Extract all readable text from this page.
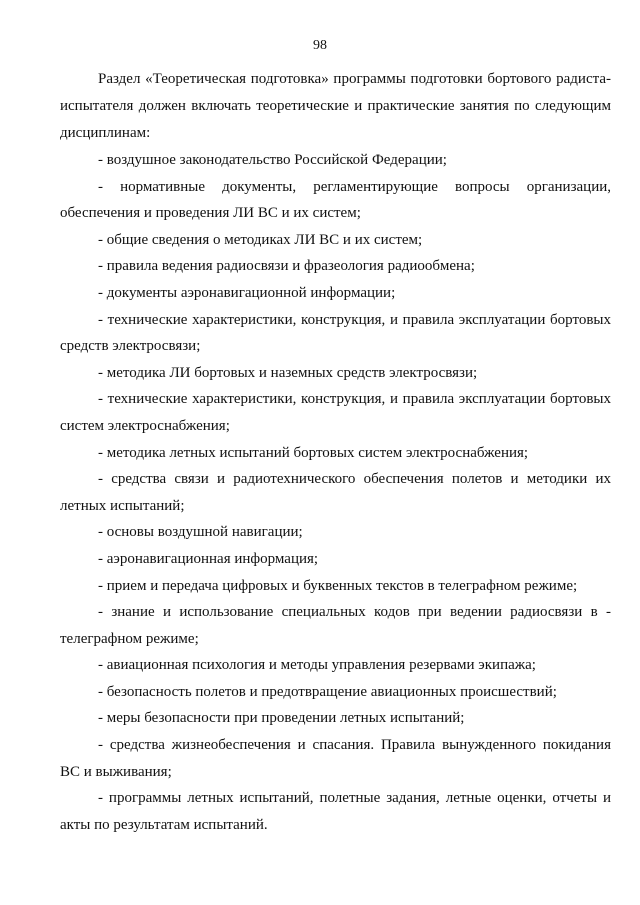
98

Раздел «Теоретическая подготовка» программы подготовки бортового радиста-испытателя должен включать теоретические и практические занятия по следующим дисциплинам:

- воздушное законодательство Российской Федерации;

- нормативные документы, регламентирующие вопросы организации, обеспечения и проведения ЛИ ВС и их систем;

- общие сведения о методиках ЛИ ВС и их систем;

- правила ведения радиосвязи и фразеология радиообмена;

- документы аэронавигационной информации;

- технические характеристики, конструкция, и правила эксплуатации бортовых средств электросвязи;

- методика ЛИ бортовых и наземных средств электросвязи;

- технические характеристики, конструкция, и правила эксплуатации бортовых систем электроснабжения;

- методика летных испытаний бортовых систем электроснабжения;

- средства связи и радиотехнического обеспечения полетов и методики их летных испытаний;

- основы воздушной навигации;

- аэронавигационная информация;

- прием и передача цифровых и буквенных текстов в телеграфном режиме;

- знание и использование специальных кодов при ведении радиосвязи в - телеграфном режиме;

- авиационная психология и методы управления резервами экипажа;

- безопасность полетов и предотвращение авиационных происшествий;

- меры безопасности при проведении летных испытаний;

- средства жизнеобеспечения и спасания. Правила вынужденного покидания ВС и выживания;

- программы летных испытаний, полетные задания, летные оценки, отчеты и акты по результатам испытаний.
